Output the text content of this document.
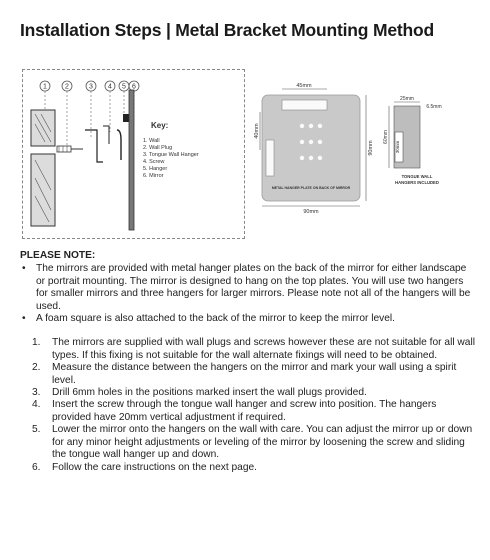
Installation Steps | Metal Bracket Mounting Method
1	2	3 4 5 6
Key:
1. Wall
2. Wall Plug
3. Tongue Wall Hanger
4. Screw
5. Hanger
6. Mirror
45mm
40mm
90mm
METAL HANGER PLATE ON BACK OF MIRROR
90mm
25mm
6.5mm
60mm
30mm
TONGUE WALL
HANGERS INCLUDED

PLEASE NOTE:

• The mirrors are provided with metal hanger plates on the back of the mirror for either landscape or portrait mounting. The mirror is designed to hang on the top plates. You will use two hangers for smaller mirrors and three hangers for larger mirrors. Please note not all of the hangers will be used.
• A foam square is also attached to the back of the mirror to keep the mirror level.
1. The mirrors are supplied with wall plugs and screws however these are not suitable for all wall types. If this fixing is not suitable for the wall alternate fixings will need to be obtained.
2. Measure the distance between the hangers on the mirror and mark your wall using a spirit level.
3. Drill 6mm holes in the positions marked insert the wall plugs provided.
4. Insert the screw through the tongue wall hanger and screw into position. The hangers provided have 20mm vertical adjustment if required.
5. Lower the mirror onto the hangers on the wall with care. You can adjust the mirror up or down for any minor height adjustments or leveling of the mirror by loosening the screw and sliding the tongue wall hanger up and down.
6. Follow the care instructions on the next page.
